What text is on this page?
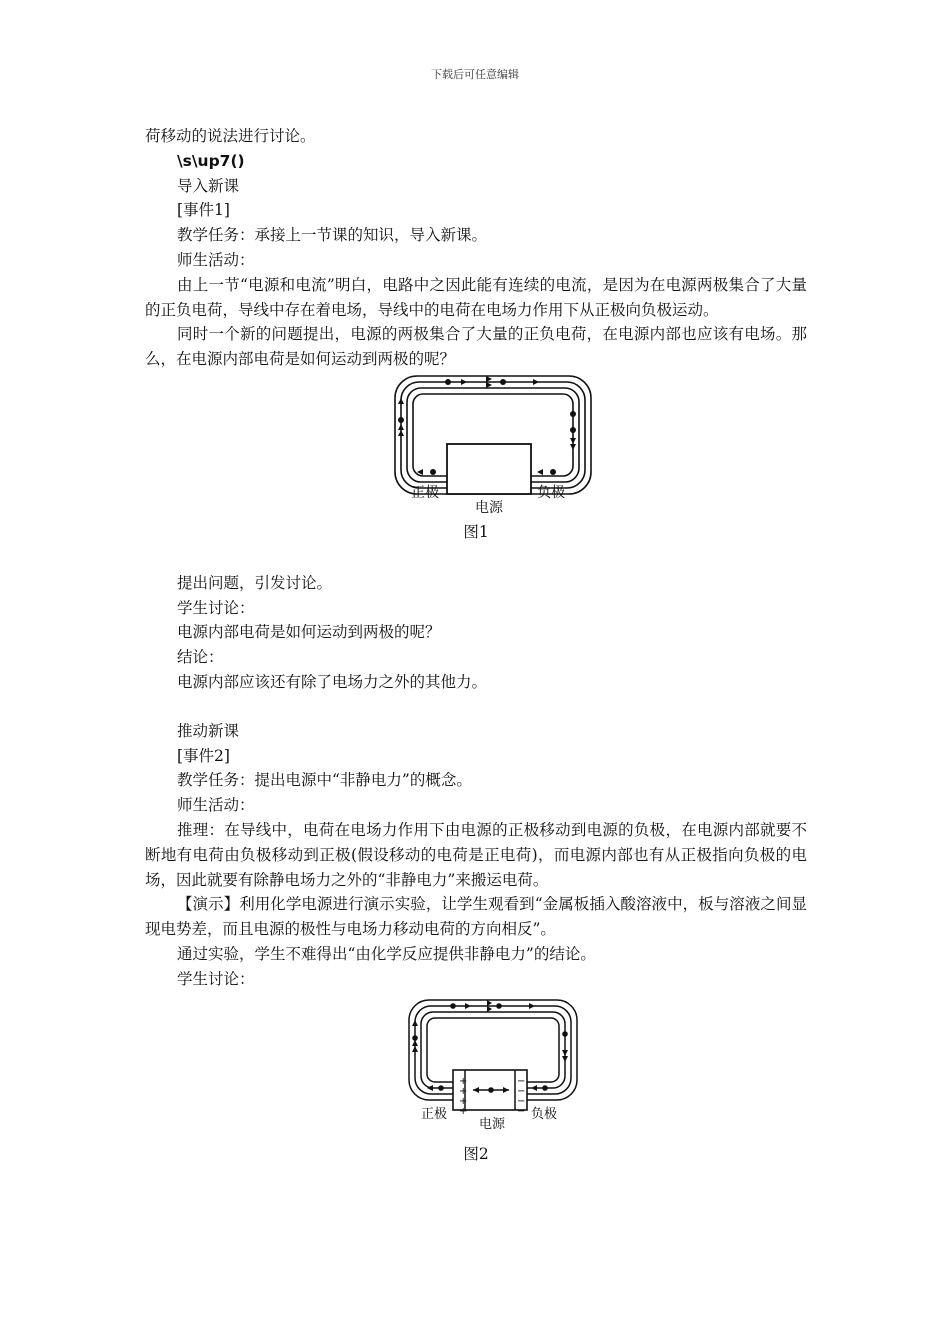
下载后可任意编辑

荷移动的说法进行讨论。

\s\up7()

导入新课

[事件1]

教学任务：承接上一节课的知识，导入新课。

师生活动：

由上一节“电源和电流”明白，电路中之因此能有连续的电流，是因为在电源两极集合了大量的正负电荷，导线中存在着电场，导线中的电荷在电场力作用下从正极向负极运动。

同时一个新的问题提出，电源的两极集合了大量的正负电荷，在电源内部也应该有电场。那么，在电源内部电荷是如何运动到两极的呢？

正极
电源
负极
图1

提出问题，引发讨论。

学生讨论：

电源内部电荷是如何运动到两极的呢？

结论：

电源内部应该还有除了电场力之外的其他力。

推动新课

[事件2]

教学任务：提出电源中“非静电力”的概念。

师生活动：

推理：在导线中，电荷在电场力作用下由电源的正极移动到电源的负极，在电源内部就要不断地有电荷由负极移动到正极(假设移动的电荷是正电荷)，而电源内部也有从正极指向负极的电场，因此就要有除静电场力之外的“非静电力”来搬运电荷。

【演示】利用化学电源进行演示实验，让学生观看到“金属板插入酸溶液中，板与溶液之间显现电势差，而且电源的极性与电场力移动电荷的方向相反”。

通过实验，学生不难得出“由化学反应提供非静电力”的结论。

学生讨论：

+
+
+
+
−
−
−
−
正极
电源
负极
图2
